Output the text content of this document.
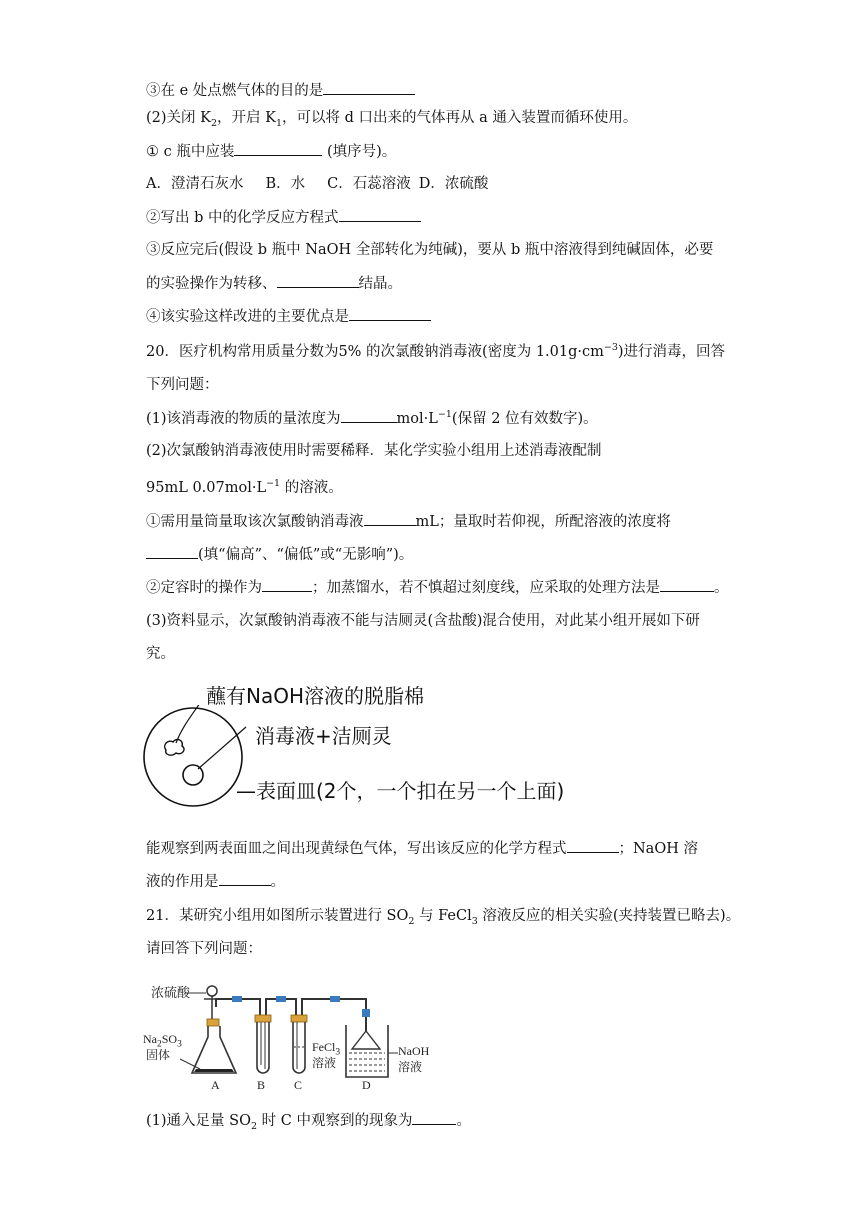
③在 e 处点燃气体的目的是
(2)关闭 $K_2$，开启 $K_1$，可以将 d 口出来的气体再从 a 通入装置而循环使用。
① c 瓶中应装	(填序号)。
A．澄清石灰水 B．水 C．石蕊溶液 D．浓硫酸
②写出 b 中的化学反应方程式
③反应完后(假设 b 瓶中 NaOH 全部转化为纯碱)，要从 b 瓶中溶液得到纯碱固体，必要
的实验操作为转移、	结晶。
④该实验这样改进的主要优点是
20．医疗机构常用质量分数为5% 的次氯酸钠消毒液(密度为 $1.01g\cdot cm^{-3}$)进行消毒，回答
下列问题：
(1)该消毒液的物质的量浓度为	$mol\cdot L^{-1}$(保留 2 位有效数字)。
(2)次氯酸钠消毒液使用时需要稀释．某化学实验小组用上述消毒液配制
95mL $0.07mol\cdot L^{-1}$ 的溶液。
①需用量筒量取该次氯酸钠消毒液	mL；量取时若仰视，所配溶液的浓度将
(填“偏高”、“偏低”或“无影响”)。
②定容时的操作为	；加蒸馏水，若不慎超过刻度线，应采取的处理方法是	。
(3)资料显示，次氯酸钠消毒液不能与洁厕灵(含盐酸)混合使用，对此某小组开展如下研
究。
蘸有NaOH溶液的脱脂棉
消毒液+洁厕灵
—表面皿(2个，一个扣在另一个上面)
能观察到两表面皿之间出现黄绿色气体，写出该反应的化学方程式	；NaOH 溶
液的作用是	。
21．某研究小组用如图所示装置进行 $SO_2$ 与 FeCl$_3$ 溶液反应的相关实验(夹持装置已略去)。
请回答下列问题：
浓硫酸
$Na_2SO_3$
固体
FeCl$_3$
溶液
NaOH
溶液
A	B C	D
(1)通入足量 $SO_2$ 时 C 中观察到的现象为	。
